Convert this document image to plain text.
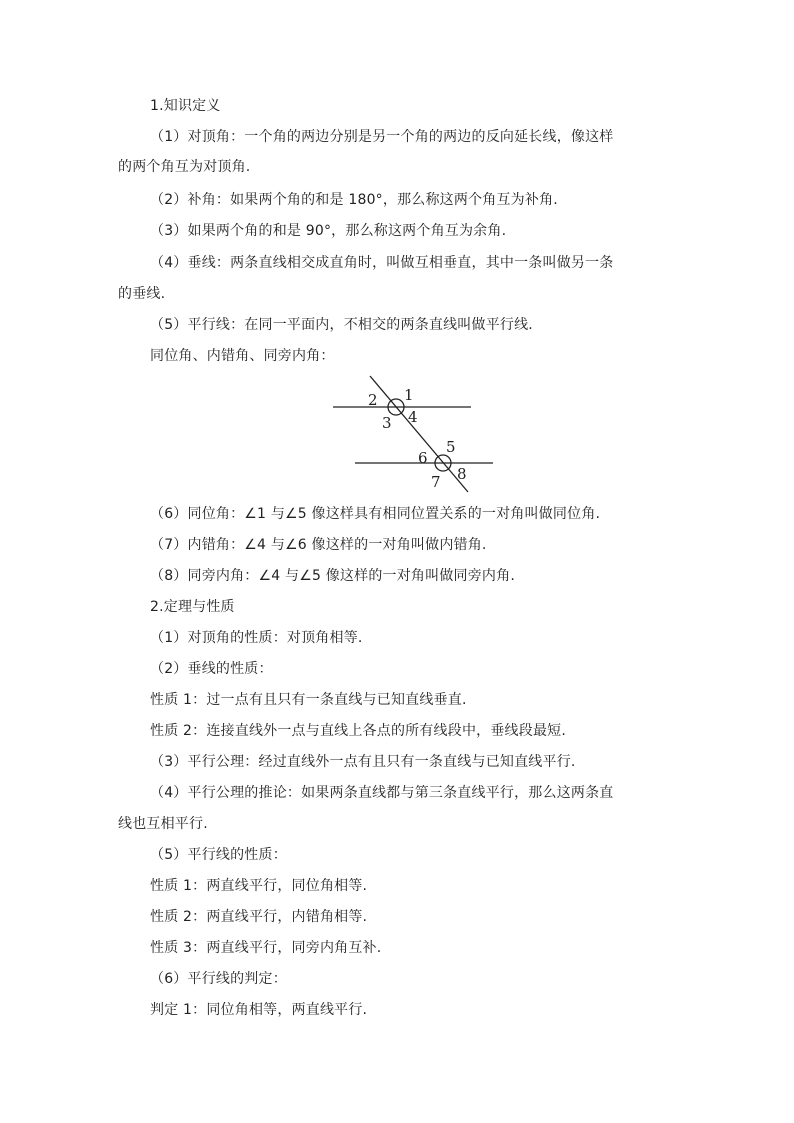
1.知识定义
（1）对顶角：一个角的两边分别是另一个角的两边的反向延长线，像这样
的两个角互为对顶角.
（2）补角：如果两个角的和是 180°，那么称这两个角互为补角.
（3）如果两个角的和是 90°，那么称这两个角互为余角.
（4）垂线：两条直线相交成直角时，叫做互相垂直，其中一条叫做另一条
的垂线.
（5）平行线：在同一平面内，不相交的两条直线叫做平行线.
同位角、内错角、同旁内角：
1
2
3 4
5
6
7 8
（6）同位角：∠1 与∠5 像这样具有相同位置关系的一对角叫做同位角.
（7）内错角：∠4 与∠6 像这样的一对角叫做内错角.
（8）同旁内角：∠4 与∠5 像这样的一对角叫做同旁内角.
2.定理与性质
（1）对顶角的性质：对顶角相等.
（2）垂线的性质：
性质 1：过一点有且只有一条直线与已知直线垂直.
性质 2：连接直线外一点与直线上各点的所有线段中，垂线段最短.
（3）平行公理：经过直线外一点有且只有一条直线与已知直线平行.
（4）平行公理的推论：如果两条直线都与第三条直线平行，那么这两条直
线也互相平行.
（5）平行线的性质：
性质 1：两直线平行，同位角相等.
性质 2：两直线平行，内错角相等.
性质 3：两直线平行，同旁内角互补.
（6）平行线的判定：
判定 1：同位角相等，两直线平行.
